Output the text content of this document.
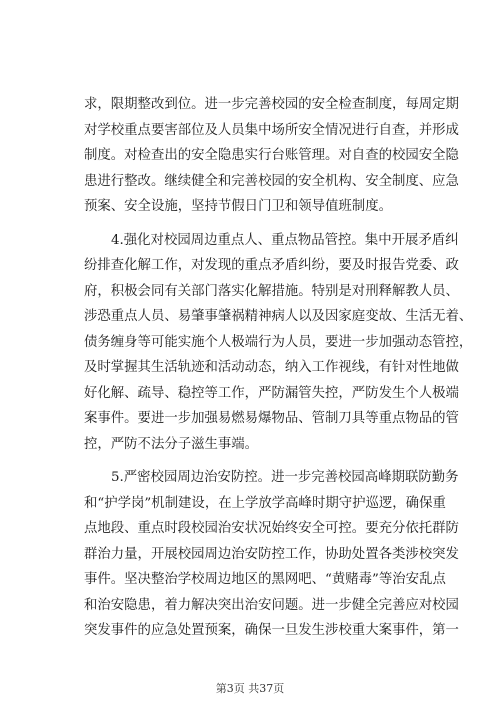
求，限期整改到位。进一步完善校园的安全检查制度，每周定期
对学校重点要害部位及人员集中场所安全情况进行自查，并形成
制度。对检查出的安全隐患实行台账管理。对自查的校园安全隐
患进行整改。继续健全和完善校园的安全机构、安全制度、应急
预案、安全设施，坚持节假日门卫和领导值班制度。
4.强化对校园周边重点人、重点物品管控。集中开展矛盾纠
纷排查化解工作，对发现的重点矛盾纠纷，要及时报告党委、政
府，积极会同有关部门落实化解措施。特别是对刑释解教人员、
涉恐重点人员、易肇事肇祸精神病人以及因家庭变故、生活无着、
债务缠身等可能实施个人极端行为人员，要进一步加强动态管控，
及时掌握其生活轨迹和活动动态，纳入工作视线，有针对性地做
好化解、疏导、稳控等工作，严防漏管失控，严防发生个人极端
案事件。要进一步加强易燃易爆物品、管制刀具等重点物品的管
控，严防不法分子滋生事端。
5.严密校园周边治安防控。进一步完善校园高峰期联防勤务
和“护学岗”机制建设，在上学放学高峰时期守护巡逻，确保重
点地段、重点时段校园治安状况始终安全可控。要充分依托群防
群治力量，开展校园周边治安防控工作，协助处置各类涉校突发
事件。坚决整治学校周边地区的黑网吧、“黄赌毒”等治安乱点
和治安隐患，着力解决突出治安问题。进一步健全完善应对校园
突发事件的应急处置预案，确保一旦发生涉校重大案事件，第一
第3页 共37页
